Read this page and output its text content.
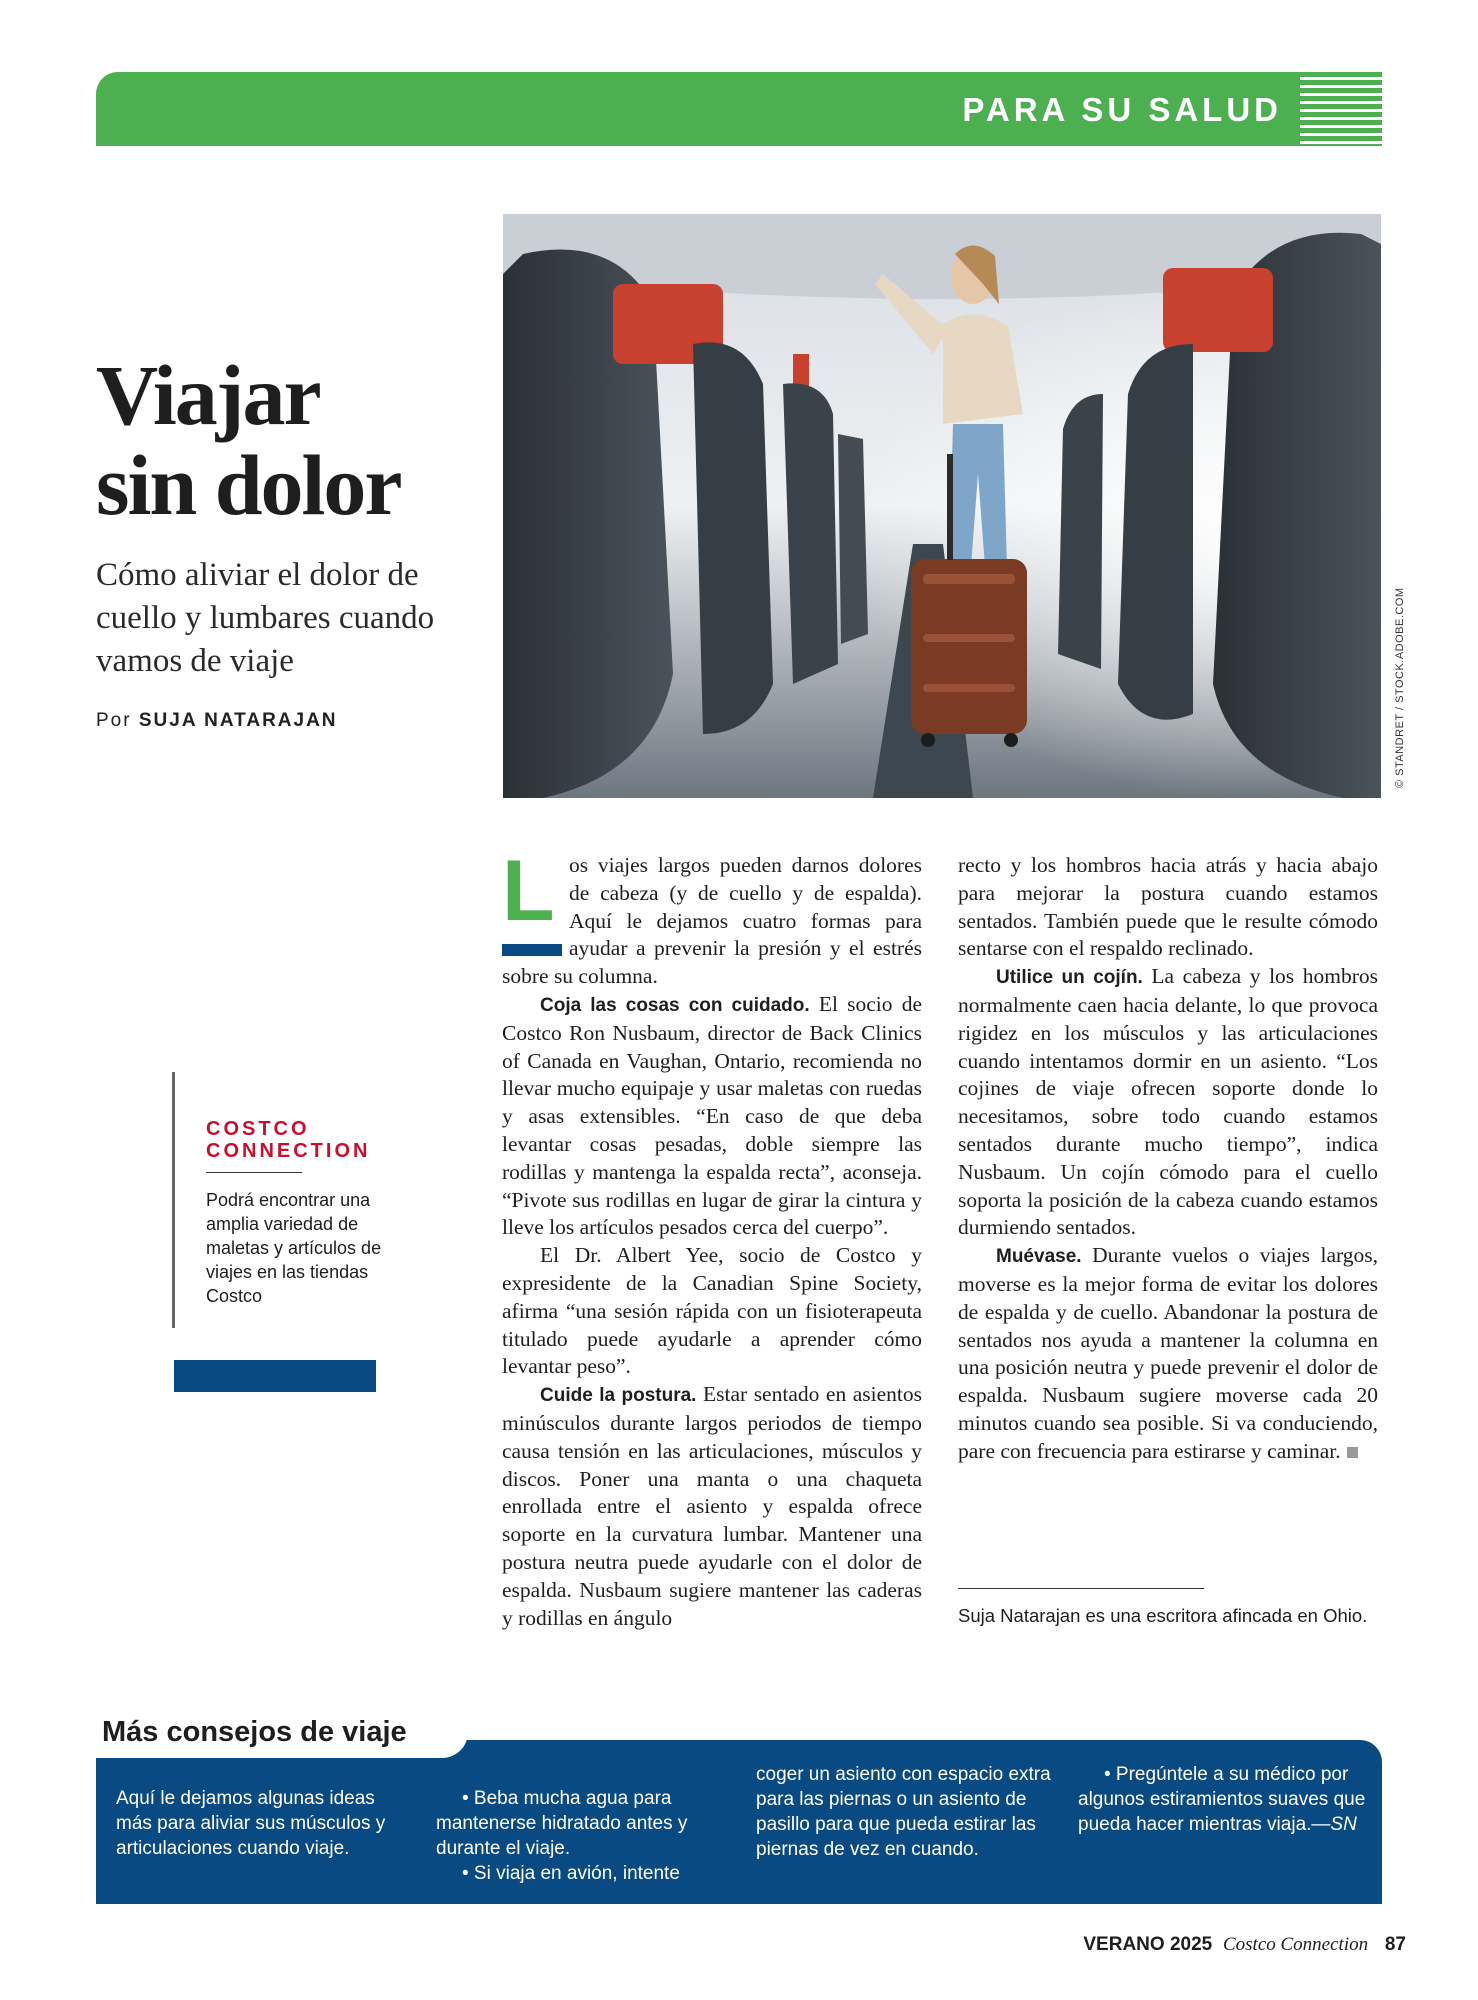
PARA SU SALUD
Viajar
sin dolor

Cómo aliviar el dolor de cuello y lumbares cuando vamos de viaje

Por SUJA NATARAJAN	© STANDRET / STOCK.ADOBE.COM
COSTCO
CONNECTION
Podrá encontrar una amplia variedad de maletas y artículos de viajes en las tiendas Costco

L os viajes largos pueden darnos dolores de cabeza (y de cuello y de espalda). Aquí le dejamos cuatro formas para ayudar a prevenir la presión y el estrés sobre su columna.

Coja las cosas con cuidado. El socio de Costco Ron Nusbaum, director de Back Clinics of Canada en Vaughan, Ontario, recomienda no llevar mucho equipaje y usar maletas con ruedas y asas extensibles. “En caso de que deba levantar cosas pesadas, doble siempre las rodillas y mantenga la espalda recta”, aconseja. “Pivote sus rodillas en lugar de girar la cintura y lleve los artículos pesados cerca del cuerpo”.

El Dr. Albert Yee, socio de Costco y expresidente de la Canadian Spine Society, afirma “una sesión rápida con un fisioterapeuta titulado puede ayudarle a aprender cómo levantar peso”.

Cuide la postura. Estar sentado en asientos minúsculos durante largos periodos de tiempo causa tensión en las articulaciones, músculos y discos. Poner una manta o una chaqueta enrollada entre el asiento y espalda ofrece soporte en la curvatura lumbar. Mantener una postura neutra puede ayudarle con el dolor de espalda. Nusbaum sugiere mantener las caderas y rodillas en ángulo

recto y los hombros hacia atrás y hacia abajo para mejorar la postura cuando estamos sentados. También puede que le resulte cómodo sentarse con el respaldo reclinado.

Utilice un cojín. La cabeza y los hombros normalmente caen hacia delante, lo que provoca rigidez en los músculos y las articulaciones cuando intentamos dormir en un asiento. “Los cojines de viaje ofrecen soporte donde lo necesitamos, sobre todo cuando estamos sentados durante mucho tiempo”, indica Nusbaum. Un cojín cómodo para el cuello soporta la posición de la cabeza cuando estamos durmiendo sentados.

Muévase. Durante vuelos o viajes largos, moverse es la mejor forma de evitar los dolores de espalda y de cuello. Abandonar la postura de sentados nos ayuda a mantener la columna en una posición neutra y puede prevenir el dolor de espalda. Nusbaum sugiere moverse cada 20 minutos cuando sea posible. Si va conduciendo, pare con frecuencia para estirarse y caminar.

Suja Natarajan es una escritora afincada en Ohio.
Más consejos de viaje

Aquí le dejamos algunas ideas más para aliviar sus músculos y articulaciones cuando viaje.

• Beba mucha agua para mantenerse hidratado antes y durante el viaje.

• Si viaja en avión, intente

coger un asiento con espacio extra para las piernas o un asiento de pasillo para que pueda estirar las piernas de vez en cuando.

• Pregúntele a su médico por algunos estiramientos suaves que pueda hacer mientras viaja.—SN

VERANO 2025 Costco Connection 87
